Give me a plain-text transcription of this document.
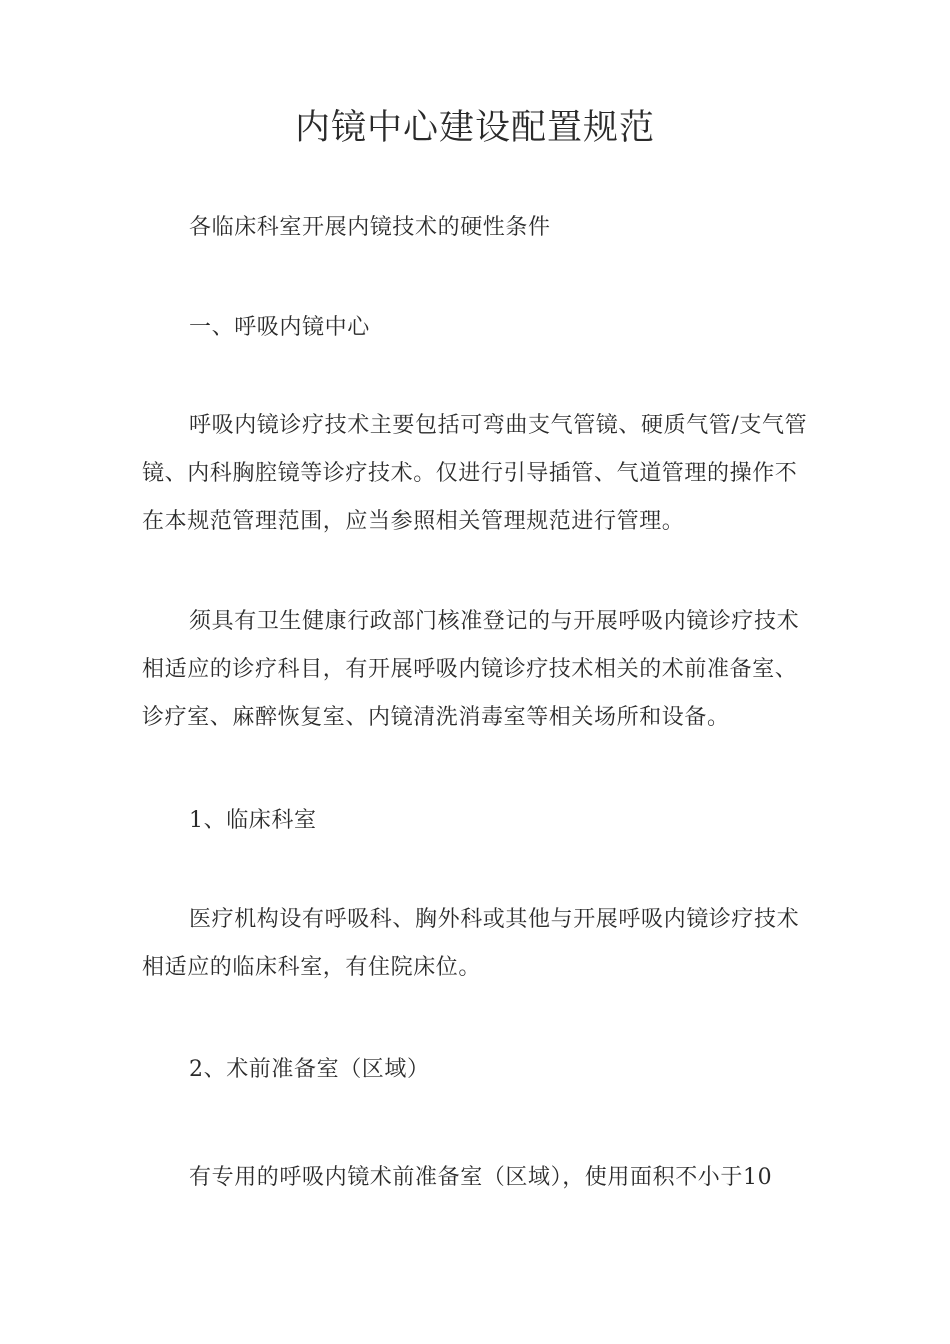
内镜中心建设配置规范

各临床科室开展内镜技术的硬性条件

一、呼吸内镜中心

呼吸内镜诊疗技术主要包括可弯曲支气管镜、硬质气管/支气管
镜、内科胸腔镜等诊疗技术。仅进行引导插管、气道管理的操作不
在本规范管理范围，应当参照相关管理规范进行管理。

须具有卫生健康行政部门核准登记的与开展呼吸内镜诊疗技术
相适应的诊疗科目，有开展呼吸内镜诊疗技术相关的术前准备室、
诊疗室、麻醉恢复室、内镜清洗消毒室等相关场所和设备。

1、临床科室

医疗机构设有呼吸科、胸外科或其他与开展呼吸内镜诊疗技术
相适应的临床科室，有住院床位。

2、术前准备室（区域）

有专用的呼吸内镜术前准备室（区域），使用面积不小于10
